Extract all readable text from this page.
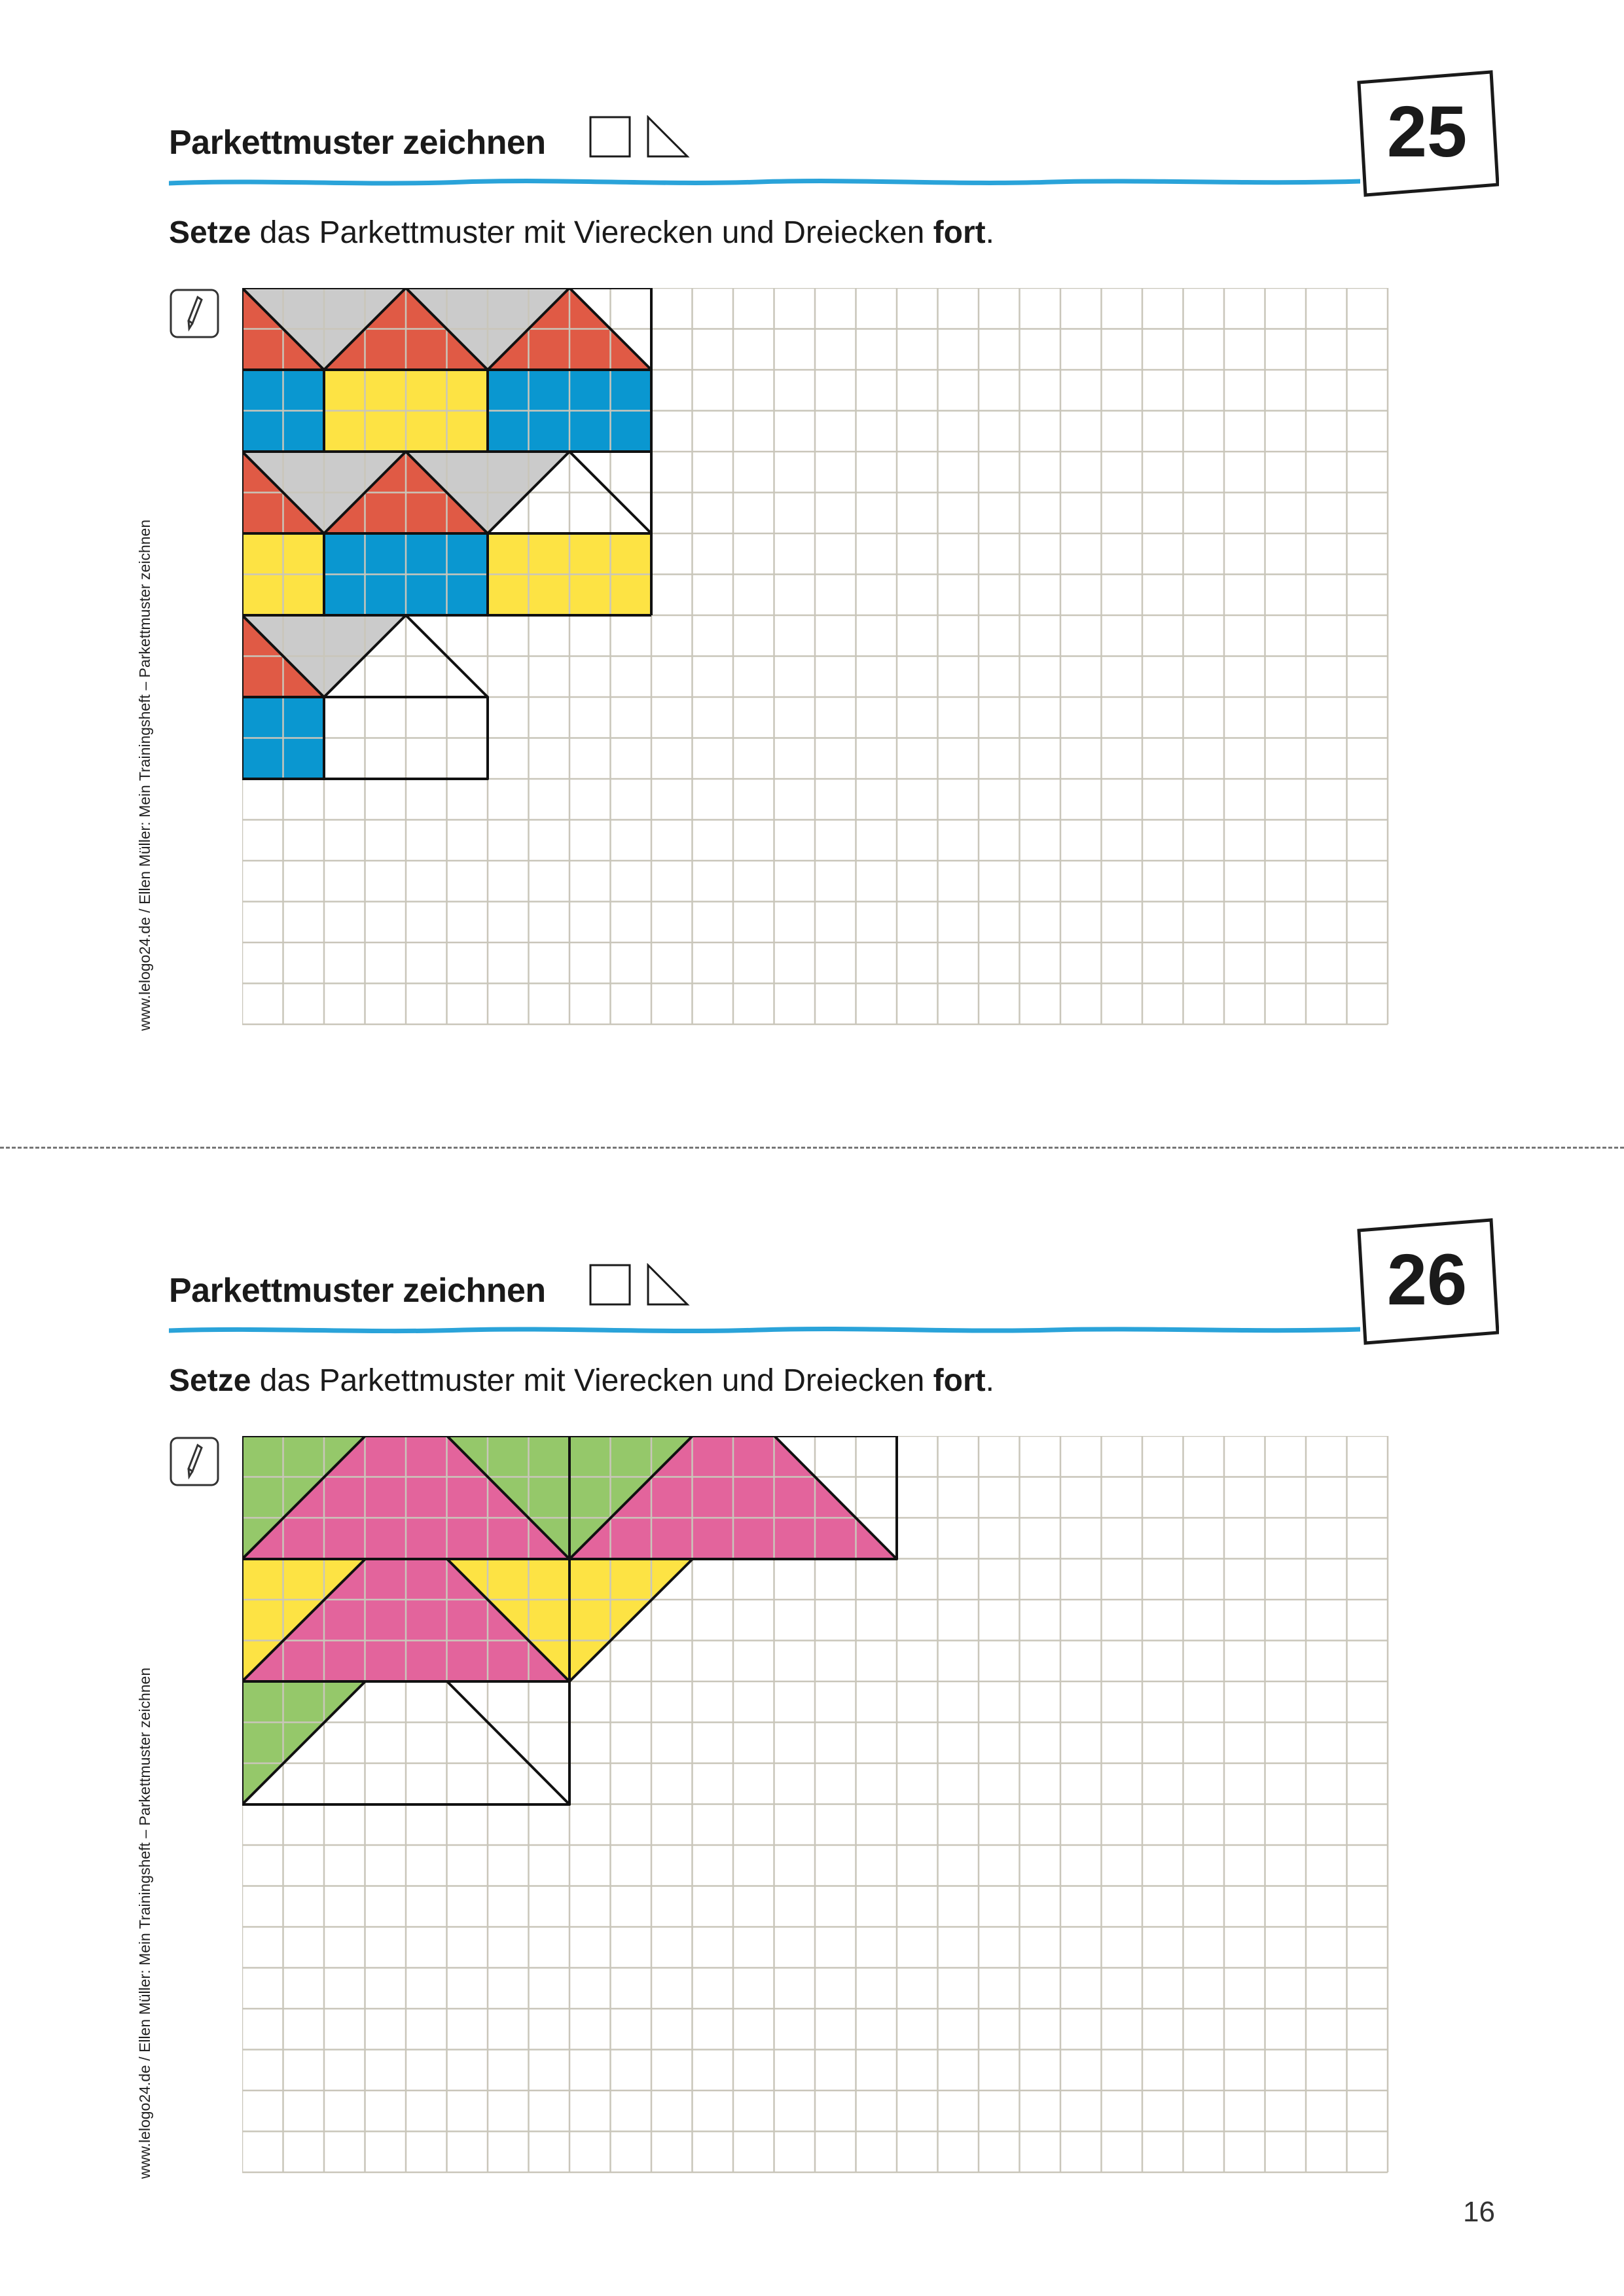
Parkettmuster zeichnen	25
Setze das Parkettmuster mit Vierecken und Dreiecken fort.
www.lelogo24.de / Ellen Müller: Mein Trainingsheft – Parkettmuster zeichnen
Parkettmuster zeichnen	26
Setze das Parkettmuster mit Vierecken und Dreiecken fort.
www.lelogo24.de / Ellen Müller: Mein Trainingsheft – Parkettmuster zeichnen
16
